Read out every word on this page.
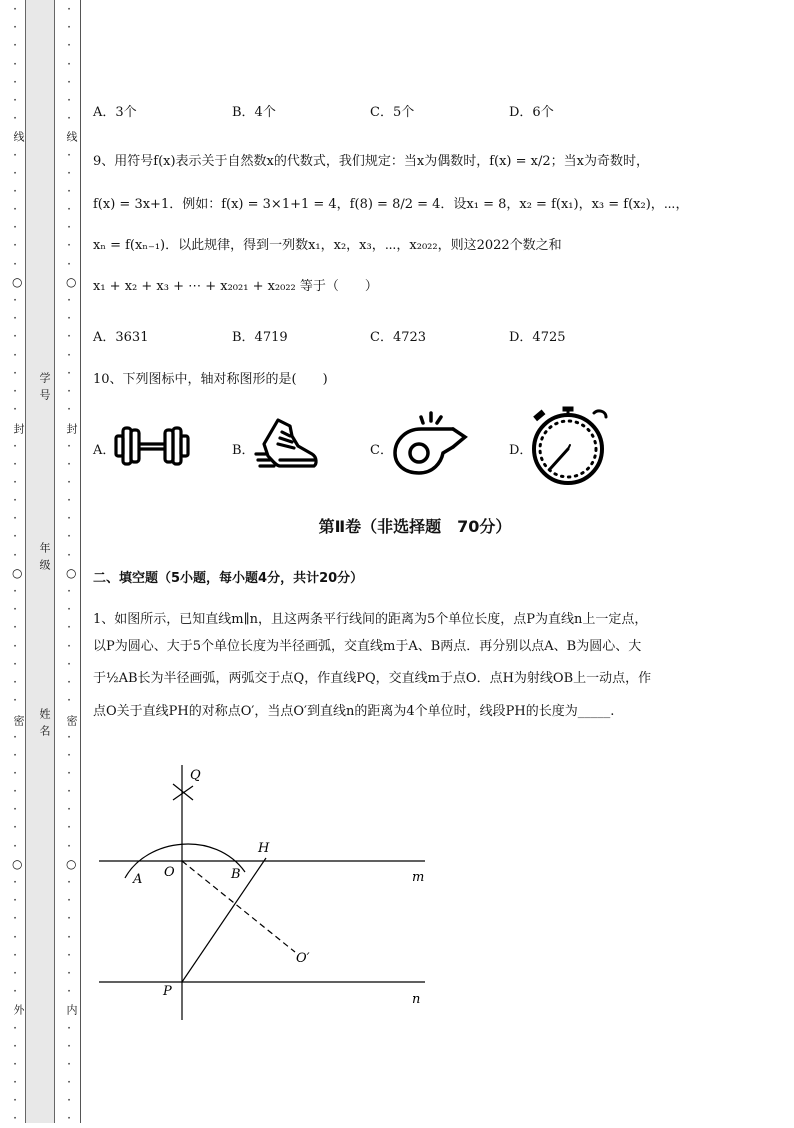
·
·
·
·
·
·
·
·
·
·
·
·
·
·
○
·
·
·
·
·
·
·
·
·
·
·
·
·
·
○
·
·
·
·
·
·
·
·
·
·
·
·
·
·
○
·
·
·
·
·
·
·
·
·
·
·
·
·
·
·
·
·
·
·
·
·
·
·
·
·
·
·
○
·
·
·
·
·
·
·
·
·
·
·
·
·
·
○
·
·
·
·
·
·
·
·
·
·
·
·
·
·
○
·
·
·
·
·
·
·
·
·
·
·
·
·
线
封
密
外
线
封
密
内
学号
年级
姓名
A．3个	B．4个	C．5个	D．6个
9、用符号f(x)表示关于自然数x的代数式，我们规定：当x为偶数时，f(x) = x/2；当x为奇数时，
f(x) = 3x+1．例如：f(x) = 3×1+1 = 4，f(8) = 8/2 = 4．设x₁ = 8，x₂ = f(x₁)，x₃ = f(x₂)，⋯，
xₙ = f(xₙ₋₁)．以此规律，得到一列数x₁，x₂，x₃，⋯，x₂₀₂₂，则这2022个数之和
x₁ + x₂ + x₃ + ⋯ + x₂₀₂₁ + x₂₀₂₂ 等于（　　）
A．3631	B．4719	C．4723	D．4725
10、下列图标中，轴对称图形的是(　　)
A．	B．	C．	D．
第Ⅱ卷（非选择题　70分）
二、填空题（5小题，每小题4分，共计20分）
1、如图所示，已知直线m∥n，且这两条平行线间的距离为5个单位长度，点P为直线n上一定点，
以P为圆心、大于5个单位长度为半径画弧，交直线m于A、B两点．再分别以点A、B为圆心、大
于½AB长为半径画弧，两弧交于点Q，作直线PQ，交直线m于点O．点H为射线OB上一动点，作
点O关于直线PH的对称点O′，当点O′到直线n的距离为4个单位时，线段PH的长度为_____.
Q
H
O
A	B	m
O′
P
n
